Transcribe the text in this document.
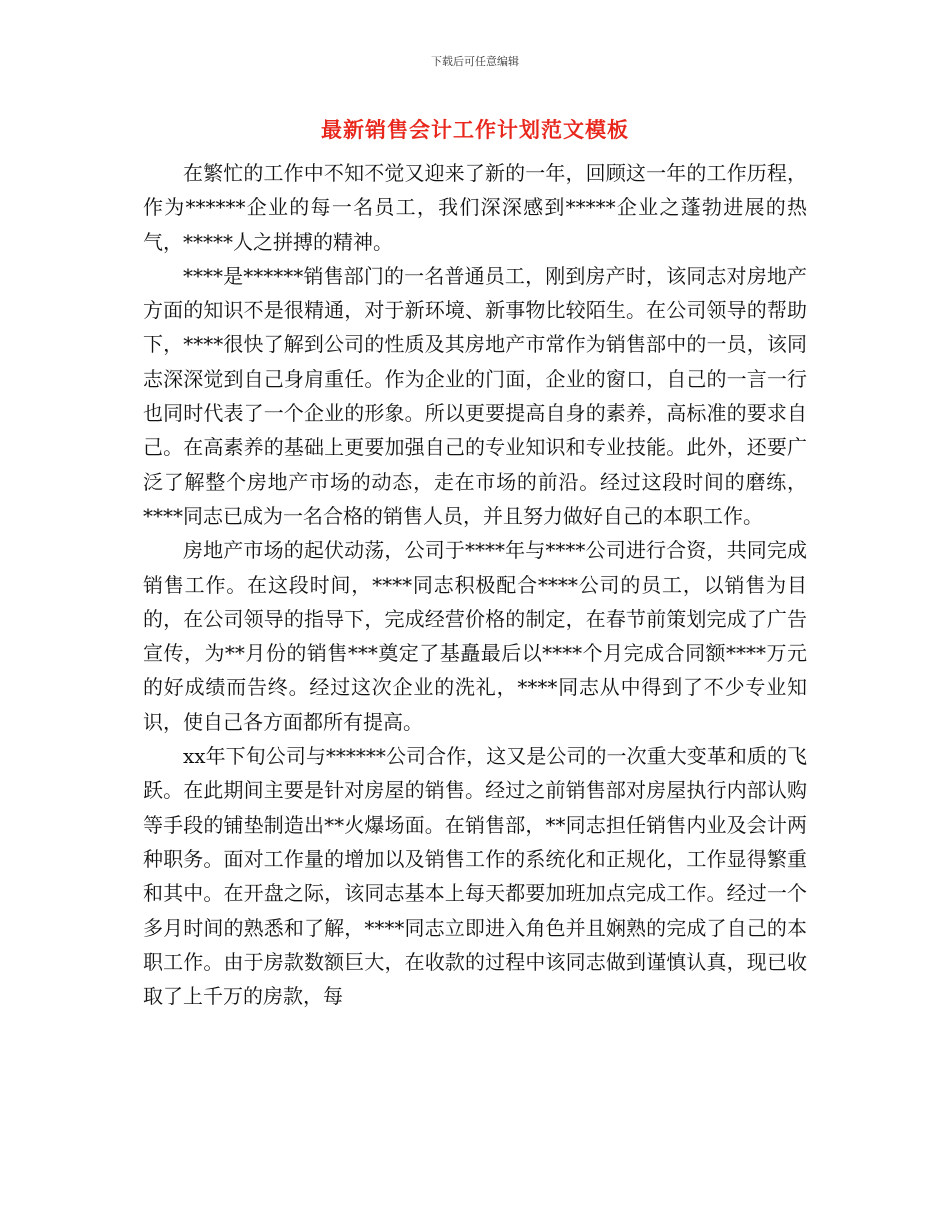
下载后可任意编辑
最新销售会计工作计划范文模板

在繁忙的工作中不知不觉又迎来了新的一年，回顾这一年的工作历程，作为******企业的每一名员工，我们深深感到*****企业之蓬勃进展的热气，*****人之拼搏的精神。

****是******销售部门的一名普通员工，刚到房产时，该同志对房地产方面的知识不是很精通，对于新环境、新事物比较陌生。在公司领导的帮助下，****很快了解到公司的性质及其房地产市常作为销售部中的一员，该同志深深觉到自己身肩重任。作为企业的门面，企业的窗口，自己的一言一行也同时代表了一个企业的形象。所以更要提高自身的素养，高标准的要求自己。在高素养的基础上更要加强自己的专业知识和专业技能。此外，还要广泛了解整个房地产市场的动态，走在市场的前沿。经过这段时间的磨练，****同志已成为一名合格的销售人员，并且努力做好自己的本职工作。

房地产市场的起伏动荡，公司于****年与****公司进行合资，共同完成销售工作。在这段时间，****同志积极配合****公司的员工，以销售为目的，在公司领导的指导下，完成经营价格的制定，在春节前策划完成了广告宣传，为**月份的销售***奠定了基矗最后以****个月完成合同额****万元的好成绩而告终。经过这次企业的洗礼，****同志从中得到了不少专业知识，使自己各方面都所有提高。

xx年下旬公司与******公司合作，这又是公司的一次重大变革和质的飞跃。在此期间主要是针对房屋的销售。经过之前销售部对房屋执行内部认购等手段的铺垫制造出**火爆场面。在销售部，**同志担任销售内业及会计两种职务。面对工作量的增加以及销售工作的系统化和正规化，工作显得繁重和其中。在开盘之际，该同志基本上每天都要加班加点完成工作。经过一个多月时间的熟悉和了解，****同志立即进入角色并且娴熟的完成了自己的本职工作。由于房款数额巨大，在收款的过程中该同志做到谨慎认真，现已收取了上千万的房款，每
